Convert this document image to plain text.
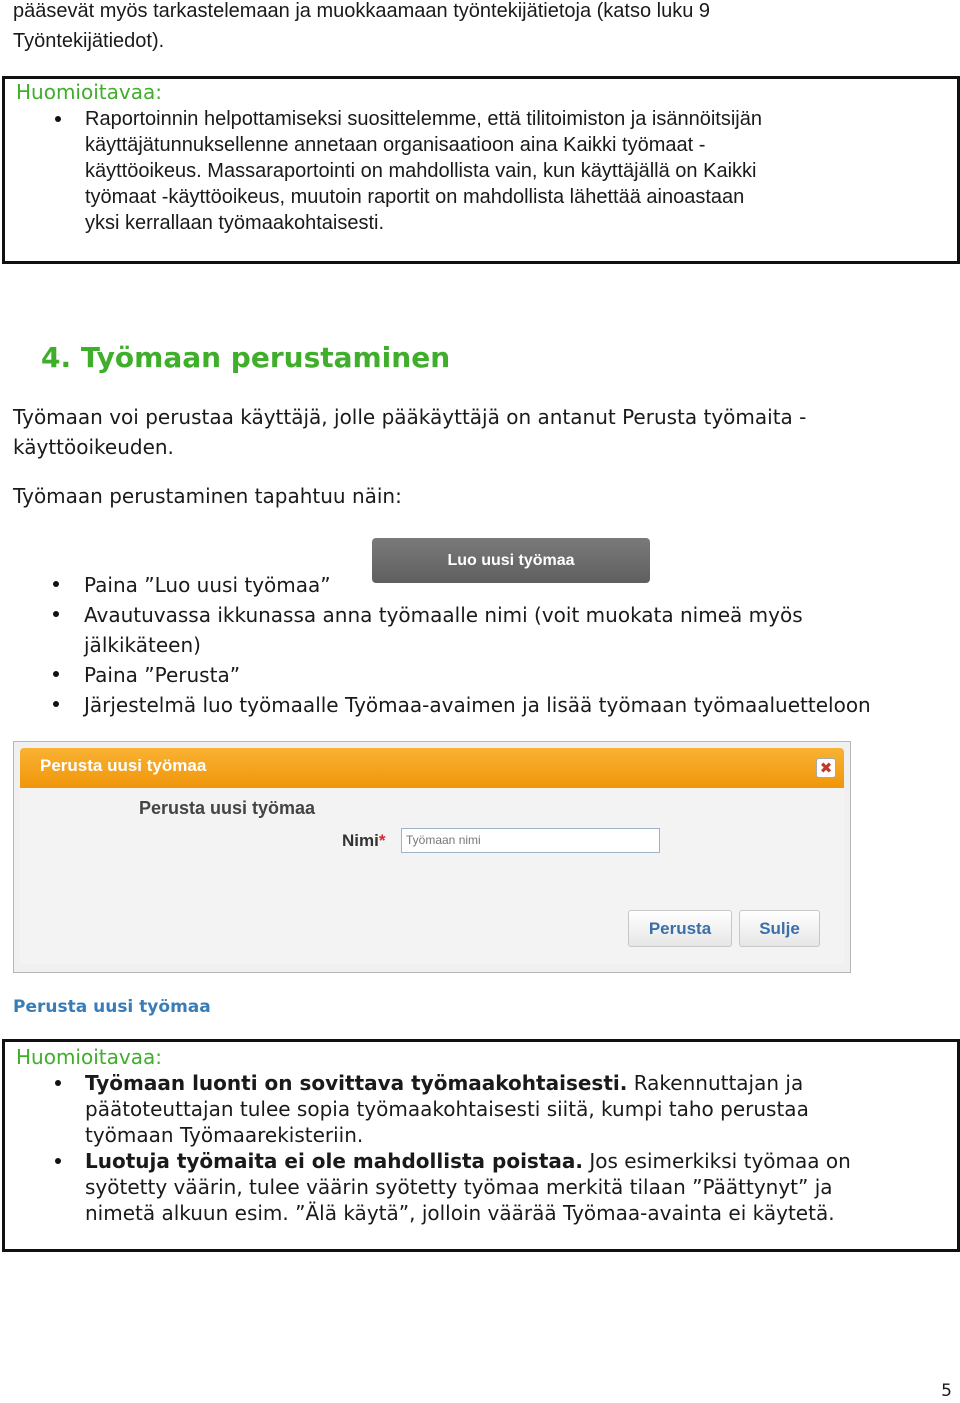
pääsevät myös tarkastelemaan ja muokkaamaan työntekijätietoja (katso luku 9
Työntekijätiedot).
Huomioitavaa:
Raportoinnin helpottamiseksi suosittelemme, että tilitoimiston ja isännöitsijän
käyttäjätunnuksellenne annetaan organisaatioon aina Kaikki työmaat -
käyttöoikeus. Massaraportointi on mahdollista vain, kun käyttäjällä on Kaikki
työmaat -käyttöoikeus, muutoin raportit on mahdollista lähettää ainoastaan
yksi kerrallaan työmaakohtaisesti.
4. Työmaan perustaminen
Työmaan voi perustaa käyttäjä, jolle pääkäyttäjä on antanut Perusta työmaita -
käyttöoikeuden.
Työmaan perustaminen tapahtuu näin:
Luo uusi työmaa
Paina ”Luo uusi työmaa”
Avautuvassa ikkunassa anna työmaalle nimi (voit muokata nimeä myös
jälkikäteen)
Paina ”Perusta”
Järjestelmä luo työmaalle Työmaa-avaimen ja lisää työmaan työmaaluetteloon
Perusta uusi työmaa	✖
Perusta uusi työmaa
Nimi*	Työmaan nimi
Perusta	Sulje
Perusta uusi työmaa
Huomioitavaa:
Työmaan luonti on sovittava työmaakohtaisesti. Rakennuttajan ja
päätoteuttajan tulee sopia työmaakohtaisesti siitä, kumpi taho perustaa
työmaan Työmaarekisteriin.
Luotuja työmaita ei ole mahdollista poistaa. Jos esimerkiksi työmaa on
syötetty väärin, tulee väärin syötetty työmaa merkitä tilaan ”Päättynyt” ja
nimetä alkuun esim. ”Älä käytä”, jolloin väärää Työmaa-avainta ei käytetä.
5
